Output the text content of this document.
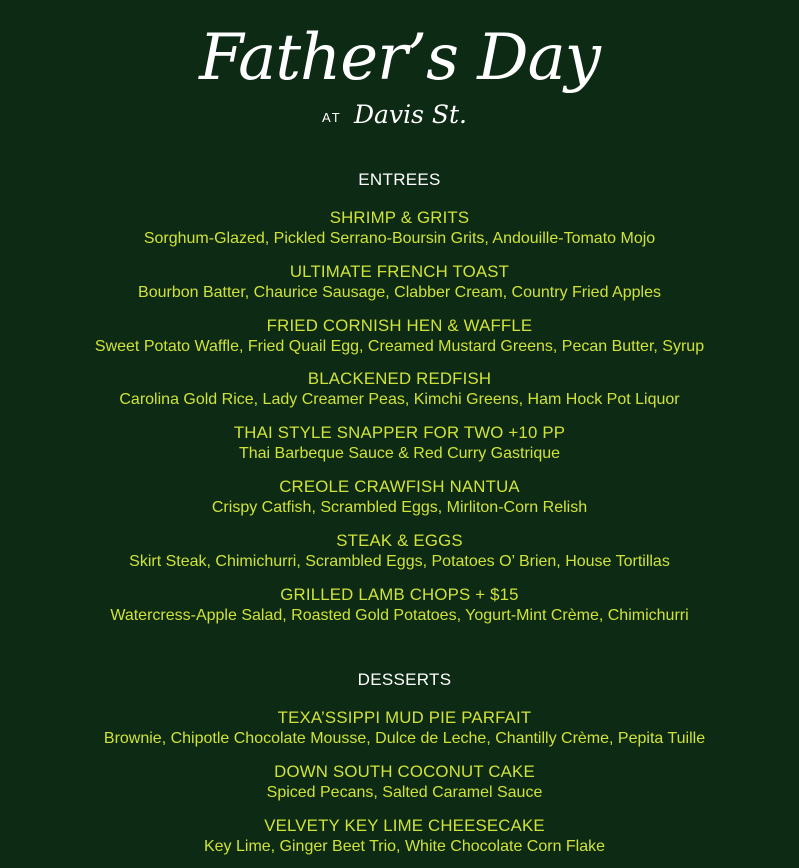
Father’s Day
AT Davis St.
ENTREES
SHRIMP & GRITS
Sorghum-Glazed, Pickled Serrano-Boursin Grits, Andouille-Tomato Mojo
ULTIMATE FRENCH TOAST
Bourbon Batter, Chaurice Sausage, Clabber Cream, Country Fried Apples
FRIED CORNISH HEN & WAFFLE
Sweet Potato Waffle, Fried Quail Egg, Creamed Mustard Greens, Pecan Butter, Syrup
BLACKENED REDFISH
Carolina Gold Rice, Lady Creamer Peas, Kimchi Greens, Ham Hock Pot Liquor
THAI STYLE SNAPPER FOR TWO +10 PP
Thai Barbeque Sauce & Red Curry Gastrique
CREOLE CRAWFISH NANTUA
Crispy Catfish, Scrambled Eggs, Mirliton-Corn Relish
STEAK & EGGS
Skirt Steak, Chimichurri, Scrambled Eggs, Potatoes O’ Brien, House Tortillas
GRILLED LAMB CHOPS + $15
Watercress-Apple Salad, Roasted Gold Potatoes, Yogurt-Mint Crème, Chimichurri
DESSERTS
TEXA’SSIPPI MUD PIE PARFAIT
Brownie, Chipotle Chocolate Mousse, Dulce de Leche, Chantilly Crème, Pepita Tuille
DOWN SOUTH COCONUT CAKE
Spiced Pecans, Salted Caramel Sauce
VELVETY KEY LIME CHEESECAKE
Key Lime, Ginger Beet Trio, White Chocolate Corn Flake
